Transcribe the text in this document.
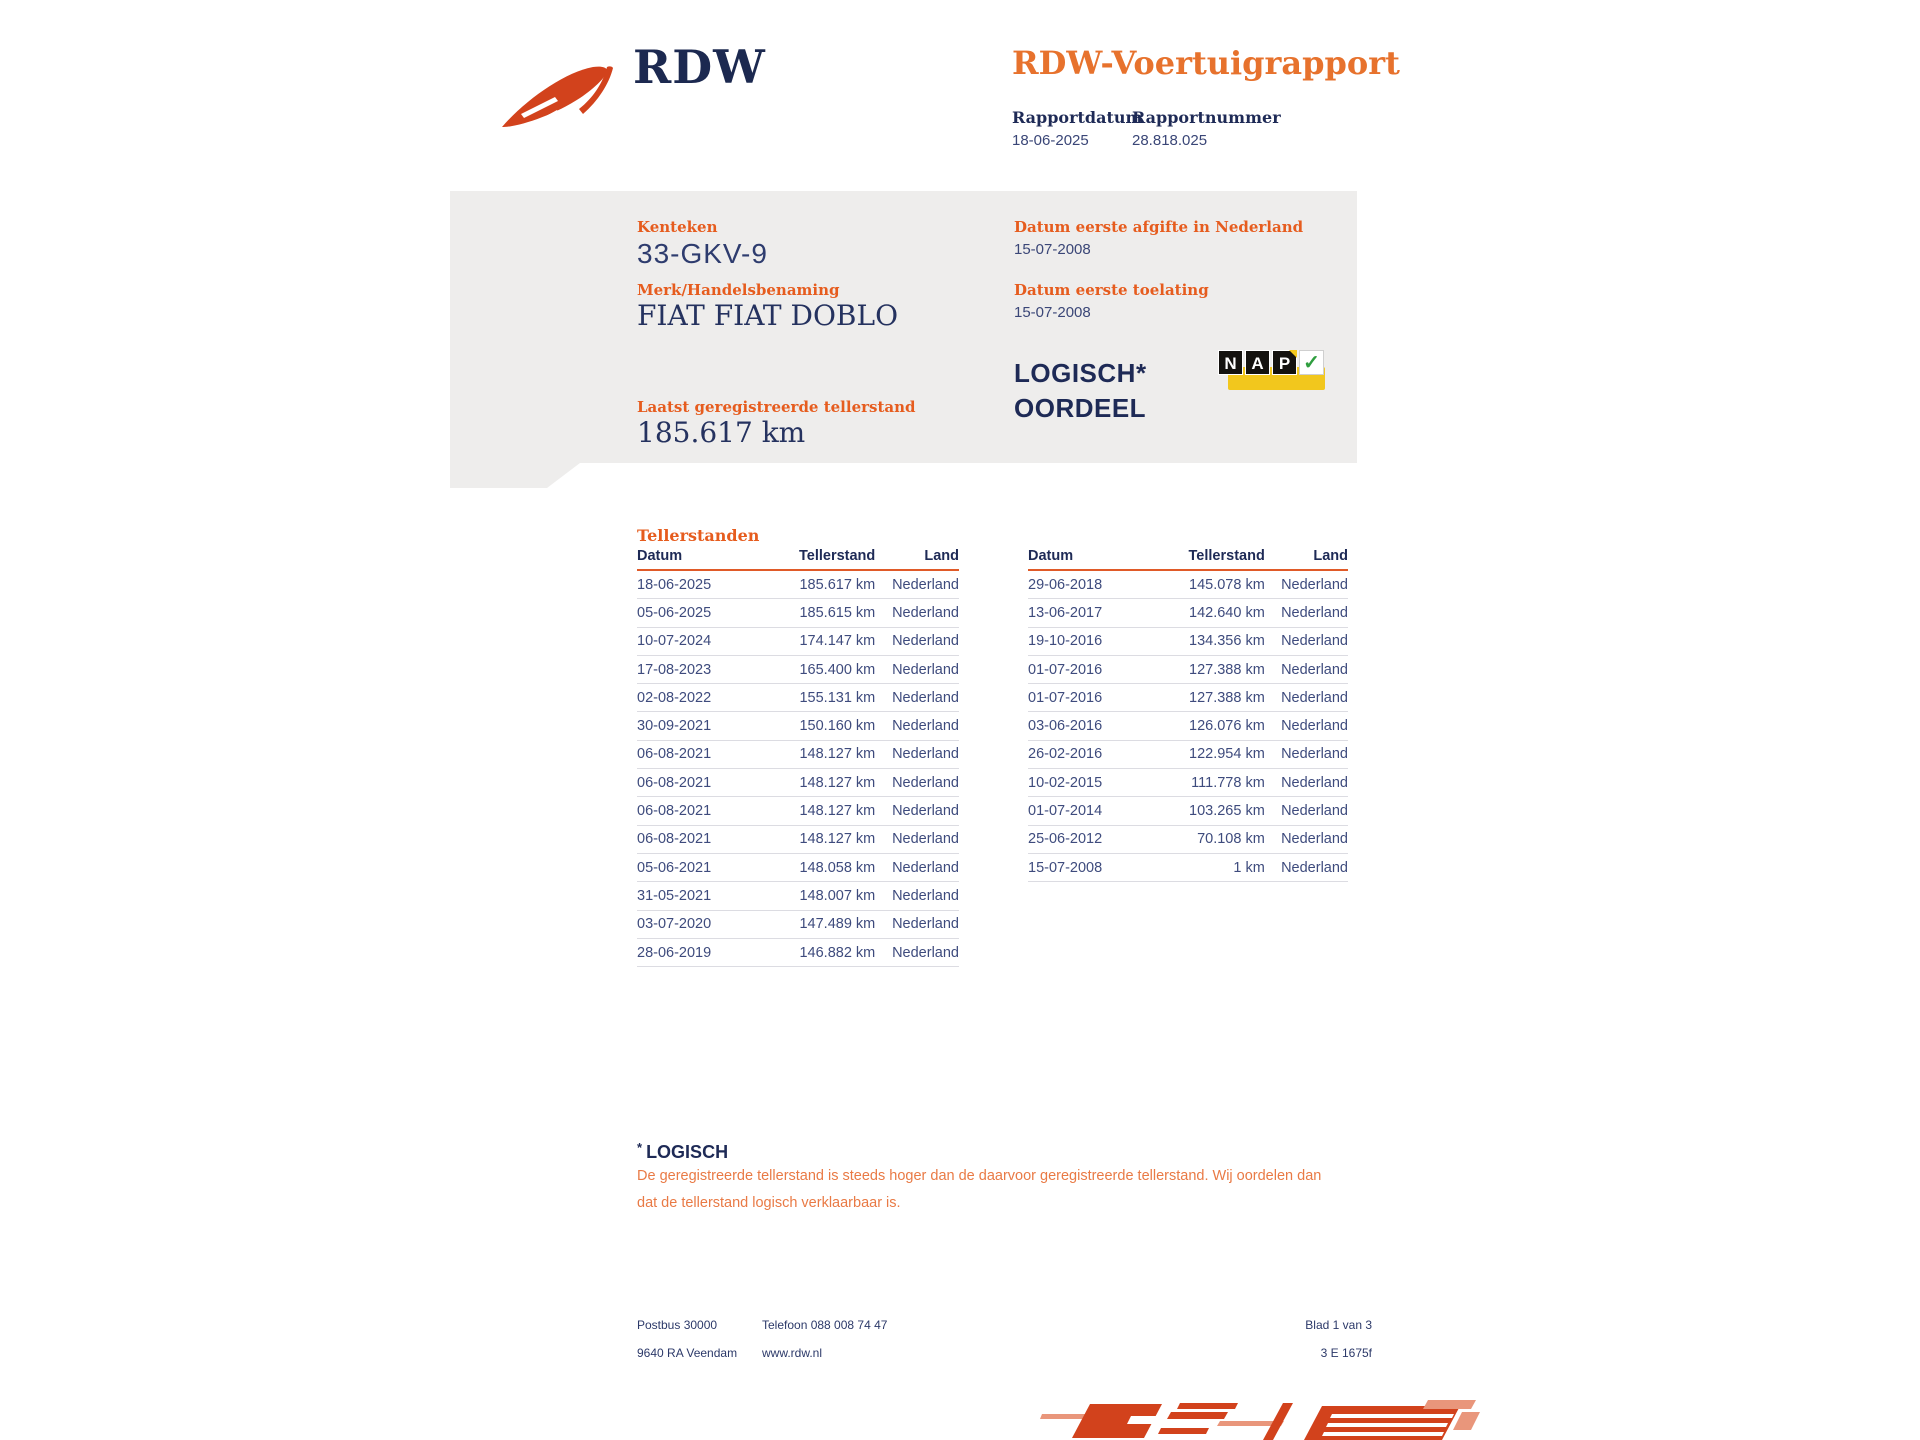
RDW	RDW-Voertuigrapport
Rapportdatum
Rapportnummer
18-06-2025	28.818.025
Kenteken
33-GKV-9
Merk/Handelsbenaming
FIAT FIAT DOBLO
Datum eerste afgifte in Nederland
15-07-2008
Datum eerste toelating
15-07-2008
LOGISCH*
OORDEEL
N A P ✓
Laatst geregistreerde tellerstand
185.617 km
Tellerstanden
Datum	Tellerstand	Land
18-06-2025	185.617 km	Nederland
05-06-2025	185.615 km	Nederland
10-07-2024	174.147 km	Nederland
17-08-2023	165.400 km	Nederland
02-08-2022	155.131 km	Nederland
30-09-2021	150.160 km	Nederland
06-08-2021	148.127 km	Nederland
06-08-2021	148.127 km	Nederland
06-08-2021	148.127 km	Nederland
06-08-2021	148.127 km	Nederland
05-06-2021	148.058 km	Nederland
31-05-2021	148.007 km	Nederland
03-07-2020	147.489 km	Nederland
28-06-2019	146.882 km	Nederland
Datum	Tellerstand	Land
29-06-2018	145.078 km	Nederland
13-06-2017	142.640 km	Nederland
19-10-2016	134.356 km	Nederland
01-07-2016	127.388 km	Nederland
01-07-2016	127.388 km	Nederland
03-06-2016	126.076 km	Nederland
26-02-2016	122.954 km	Nederland
10-02-2015	111.778 km	Nederland
01-07-2014	103.265 km	Nederland
25-06-2012	70.108 km	Nederland
15-07-2008	1 km	Nederland
* LOGISCH
De geregistreerde tellerstand is steeds hoger dan de daarvoor geregistreerde tellerstand. Wij oordelen dan
dat de tellerstand logisch verklaarbaar is.
Postbus 30000
9640 RA Veendam
Telefoon 088 008 74 47
www.rdw.nl
Blad 1 van 3
3 E 1675f
